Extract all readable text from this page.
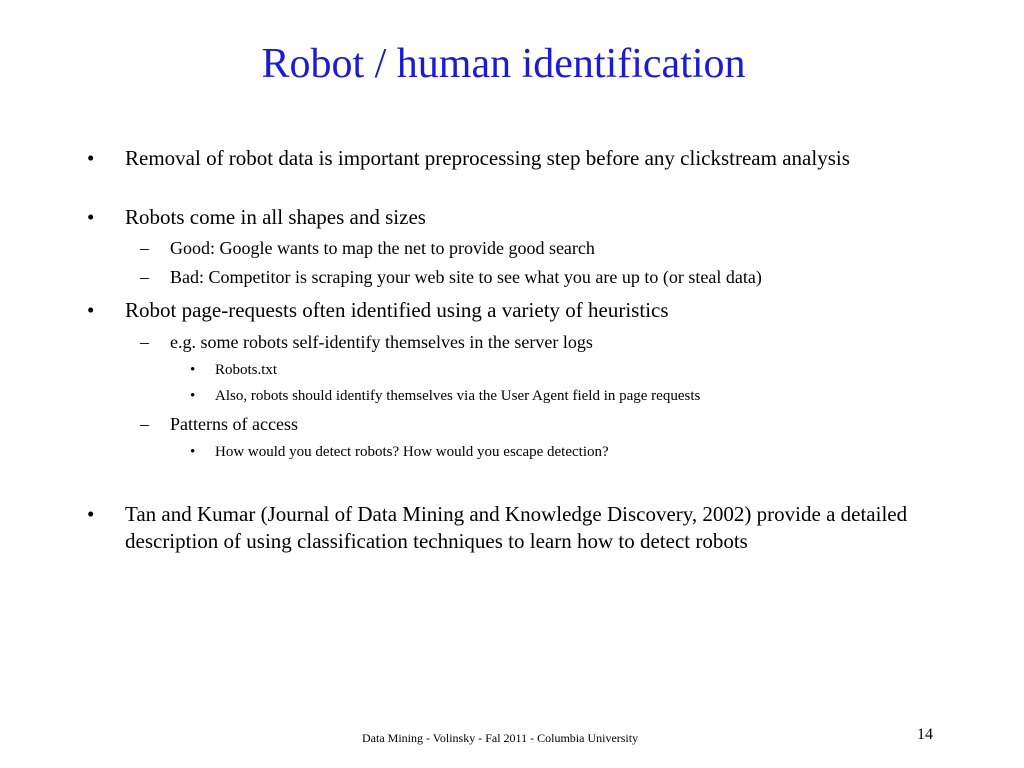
Robot / human identification
• Removal of robot data is important preprocessing step before any clickstream analysis
• Robots come in all shapes and sizes
– Good: Google wants to map the net to provide good search
– Bad: Competitor is scraping your web site to see what you are up to (or steal data)
• Robot page-requests often identified using a variety of heuristics
– e.g. some robots self-identify themselves in the server logs
• Robots.txt
• Also, robots should identify themselves via the User Agent field in page requests
– Patterns of access
• How would you detect robots? How would you escape detection?
• Tan and Kumar (Journal of Data Mining and Knowledge Discovery, 2002) provide a detailed description of using classification techniques to learn how to detect robots
Data Mining - Volinsky - Fal 2011 - Columbia University	14
